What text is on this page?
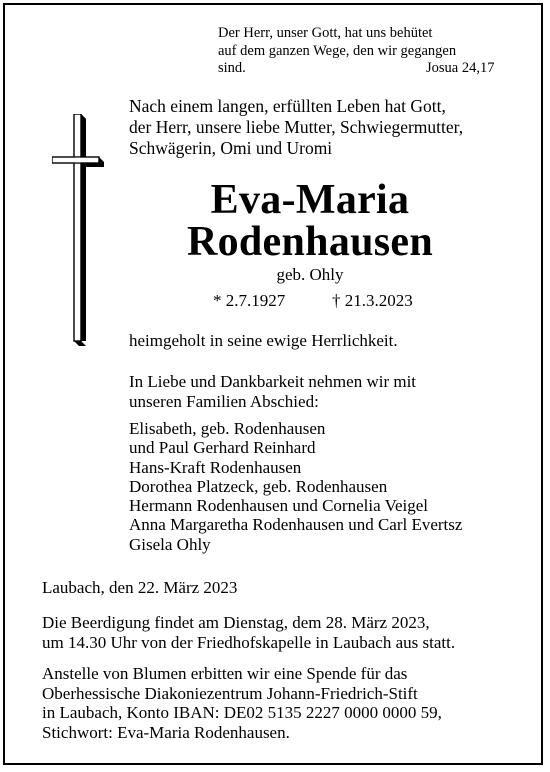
Der Herr, unser Gott, hat uns behütet
auf dem ganzen Wege, den wir gegangen
sind.	Josua 24,17
Nach einem langen, erfüllten Leben hat Gott,
der Herr, unsere liebe Mutter, Schwiegermutter,
Schwägerin, Omi und Uromi
Eva-Maria
Rodenhausen
geb. Ohly
* 2.7.1927	† 21.3.2023
heimgeholt in seine ewige Herrlichkeit.
In Liebe und Dankbarkeit nehmen wir mit
unseren Familien Abschied:
Elisabeth, geb. Rodenhausen
und Paul Gerhard Reinhard
Hans-Kraft Rodenhausen
Dorothea Platzeck, geb. Rodenhausen
Hermann Rodenhausen und Cornelia Veigel
Anna Margaretha Rodenhausen und Carl Evertsz
Gisela Ohly
Laubach, den 22. März 2023
Die Beerdigung findet am Dienstag, dem 28. März 2023,
um 14.30 Uhr von der Friedhofskapelle in Laubach aus statt.
Anstelle von Blumen erbitten wir eine Spende für das
Oberhessische Diakoniezentrum Johann-Friedrich-Stift
in Laubach, Konto IBAN: DE02 5135 2227 0000 0000 59,
Stichwort: Eva-Maria Rodenhausen.
